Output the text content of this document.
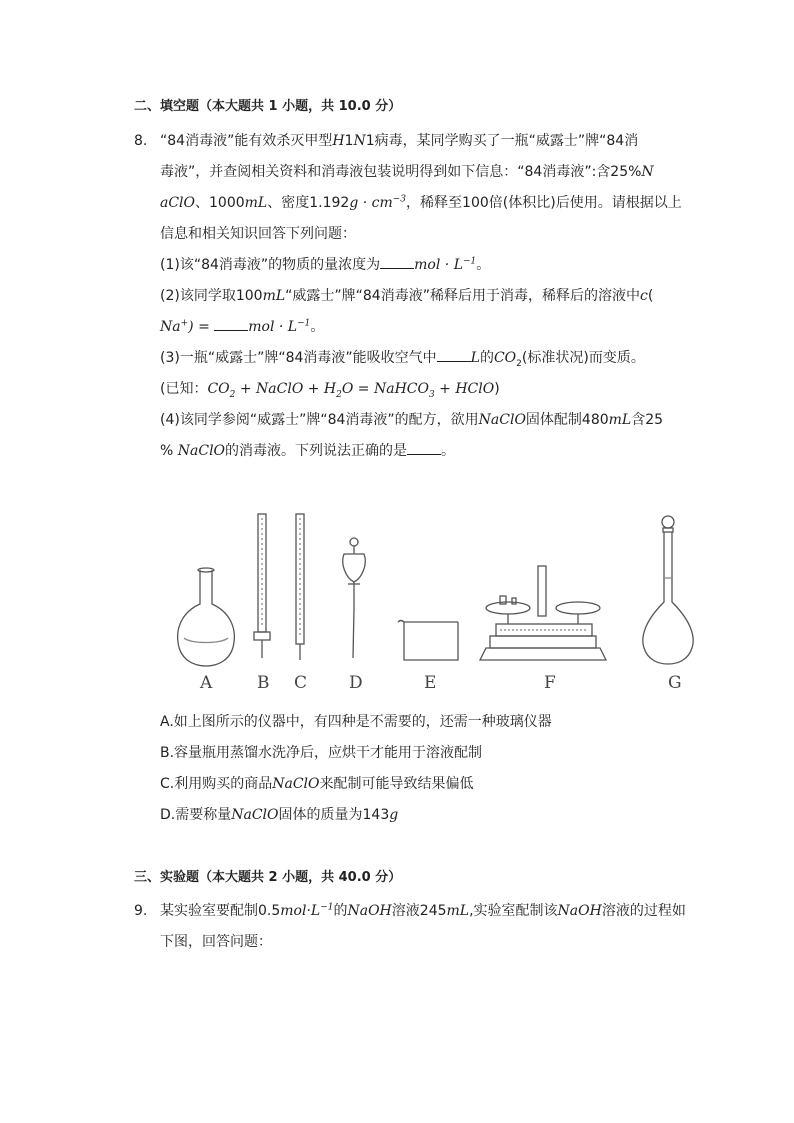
二、填空题（本大题共 1 小题，共 10.0 分）
8. “84消毒液”能有效杀灭甲型H1N1病毒，某同学购买了一瓶“威露士”牌“84消
毒液”，并查阅相关资料和消毒液包装说明得到如下信息：“84消毒液”:含25%N
aClO、1000mL、密度$1.192g \cdot cm^{-3}$，稀释至100倍(体积比)后使用。请根据以上
信息和相关知识回答下列问题：
(1)该“84消毒液”的物质的量浓度为 mol · $L^{-1}$。
(2)该同学取100mL“威露士”牌“84消毒液”稀释后用于消毒，稀释后的溶液中c(
Na+) =	mol · $L^{-1}$。
(3)一瓶“威露士”牌“84消毒液”能吸收空气中 L的$CO_2$(标准状况)而变质。
(已知：$CO_2$ + NaClO + $H_2O$ = NaHCO$_3$ + HClO)
(4)该同学参阅“威露士”牌“84消毒液”的配方，欲用NaClO固体配制480mL含25
% NaClO的消毒液。下列说法正确的是 。
A	B C D	E	F	G
A.如上图所示的仪器中，有四种是不需要的，还需一种玻璃仪器
B.容量瓶用蒸馏水洗净后，应烘干才能用于溶液配制
C.利用购买的商品NaClO来配制可能导致结果偏低
D.需要称量NaClO固体的质量为143g
三、实验题（本大题共 2 小题，共 40.0 分）
9. 某实验室要配制$0.5mol\cdot L^{-1}$的NaOH溶液245mL,实验室配制该NaOH溶液的过程如
下图，回答问题：
